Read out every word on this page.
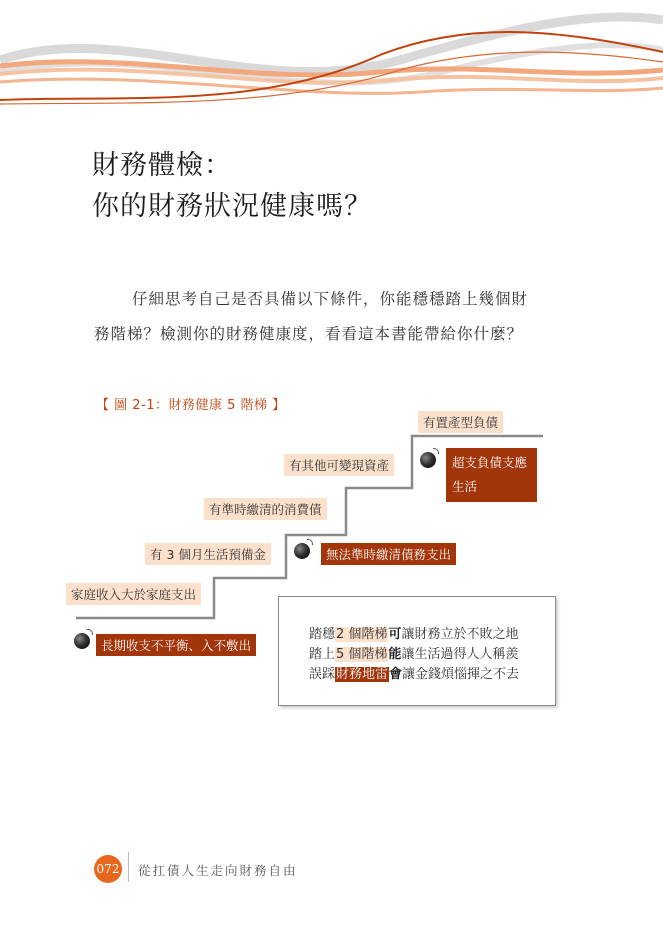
財務體檢：
你的財務狀況健康嗎？
仔細思考自己是否具備以下條件，你能穩穩踏上幾個財
務階梯？檢測你的財務健康度，看看這本書能帶給你什麼？
【 圖 2-1：財務健康 5 階梯 】
家庭收入大於家庭支出
有 3 個月生活預備金
有準時繳清的消費債
有其他可變現資產
有置產型負債
長期收支不平衡、入不敷出
無法準時繳清債務支出
超支負債支應生活
踏穩2 個階梯可讓財務立於不敗之地
踏上5 個階梯能讓生活過得人人稱羨
誤踩財務地雷會讓金錢煩惱揮之不去
072 從扛債人生走向財務自由
